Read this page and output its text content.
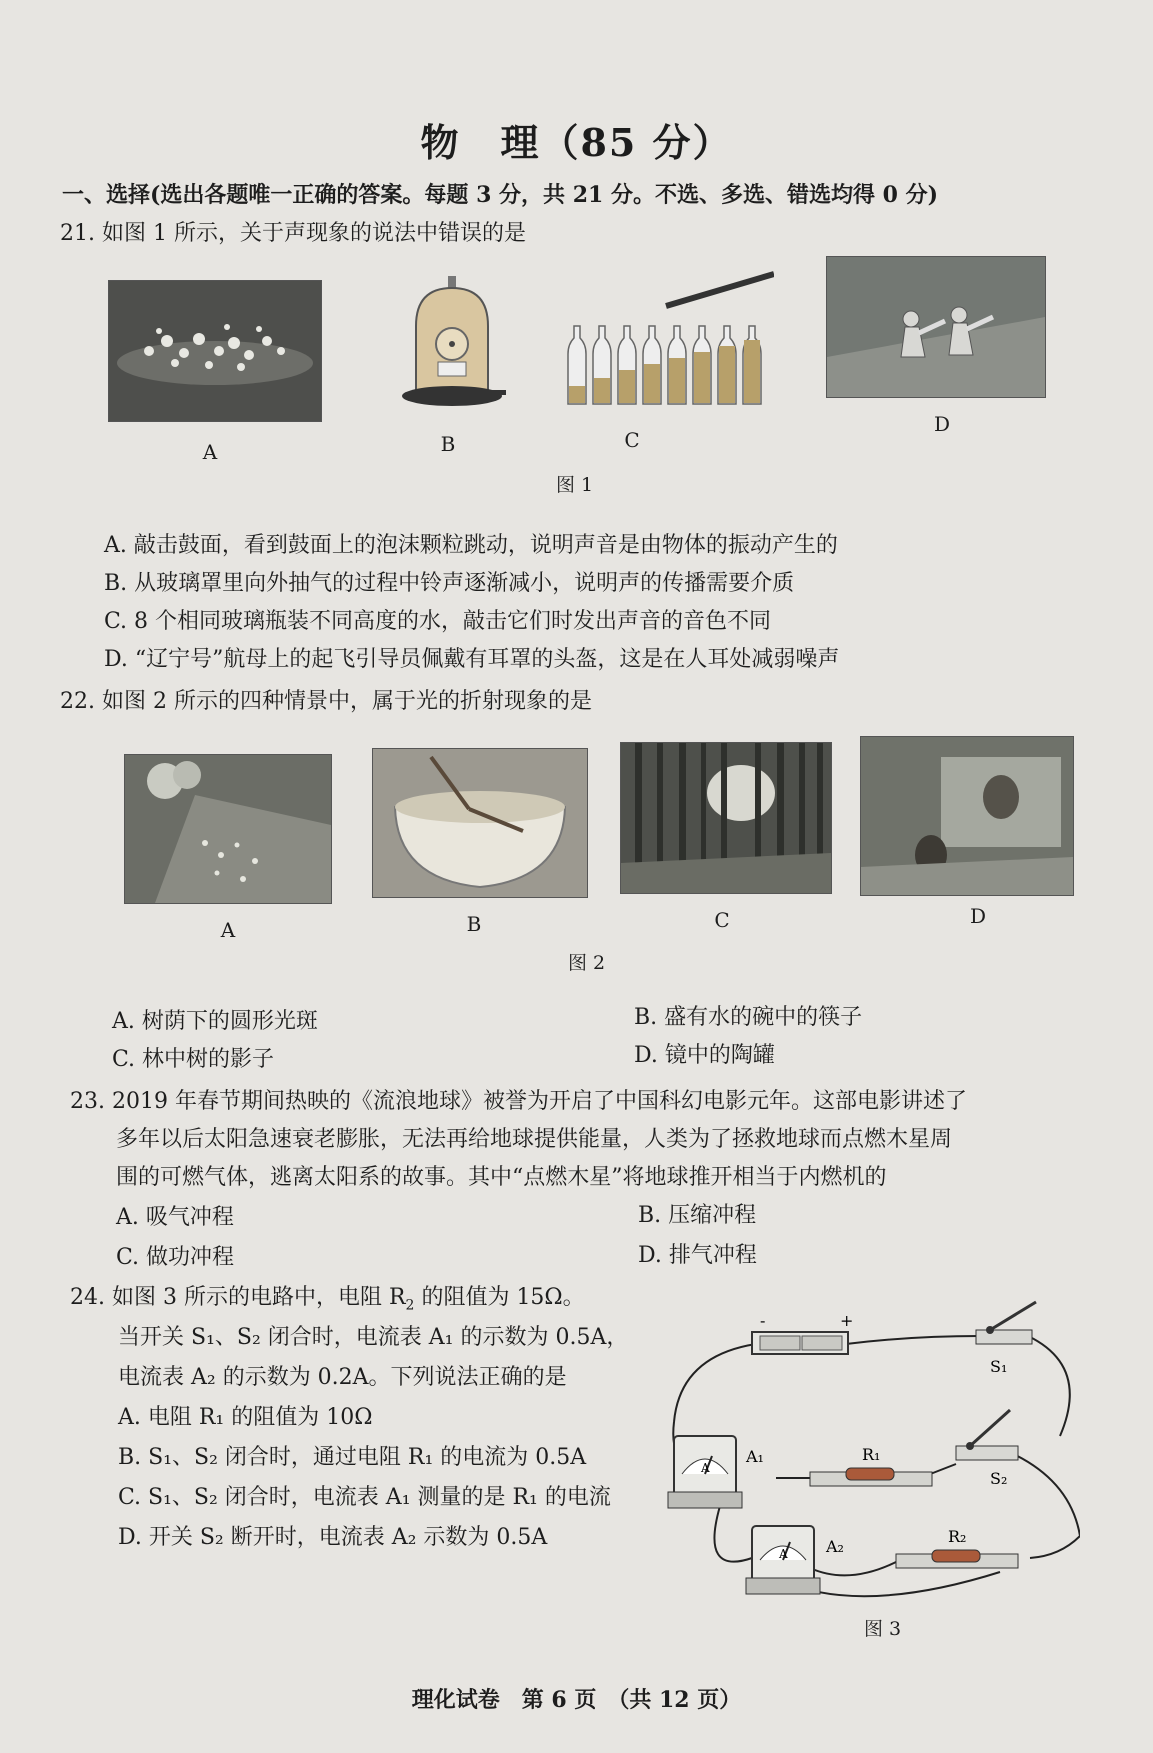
物　理（85 分）
一、选择(选出各题唯一正确的答案。每题 3 分，共 21 分。不选、多选、错选均得 0 分)
21. 如图 1 所示，关于声现象的说法中错误的是
A	B	C
图 1
D
A. 敲击鼓面，看到鼓面上的泡沫颗粒跳动，说明声音是由物体的振动产生的
B. 从玻璃罩里向外抽气的过程中铃声逐渐减小，说明声的传播需要介质
C. 8 个相同玻璃瓶装不同高度的水，敲击它们时发出声音的音色不同
D. “辽宁号”航母上的起飞引导员佩戴有耳罩的头盔，这是在人耳处减弱噪声
22. 如图 2 所示的四种情景中，属于光的折射现象的是
A	B	C	D
图 2
A. 树荫下的圆形光斑	B. 盛有水的碗中的筷子
C. 林中树的影子	D. 镜中的陶罐
23. 2019 年春节期间热映的《流浪地球》被誉为开启了中国科幻电影元年。这部电影讲述了
多年以后太阳急速衰老膨胀，无法再给地球提供能量，人类为了拯救地球而点燃木星周
围的可燃气体，逃离太阳系的故事。其中“点燃木星”将地球推开相当于内燃机的
A. 吸气冲程	B. 压缩冲程
C. 做功冲程	D. 排气冲程
24. 如图 3 所示的电路中，电阻 $R_2$ 的阻值为 15Ω。
当开关 S₁、S₂ 闭合时，电流表 A₁ 的示数为 0.5A，
电流表 A₂ 的示数为 0.2A。下列说法正确的是
A. 电阻 R₁ 的阻值为 10Ω
B. S₁、S₂ 闭合时，通过电阻 R₁ 的电流为 0.5A
C. S₁、S₂ 闭合时，电流表 A₁ 测量的是 R₁ 的电流
D. 开关 S₂ 断开时，电流表 A₂ 示数为 0.5A
-	+
S₁
A
A₁	R₁
S₂
A A₂
R₂
图 3
理化试卷　第 6 页　（共 12 页）
